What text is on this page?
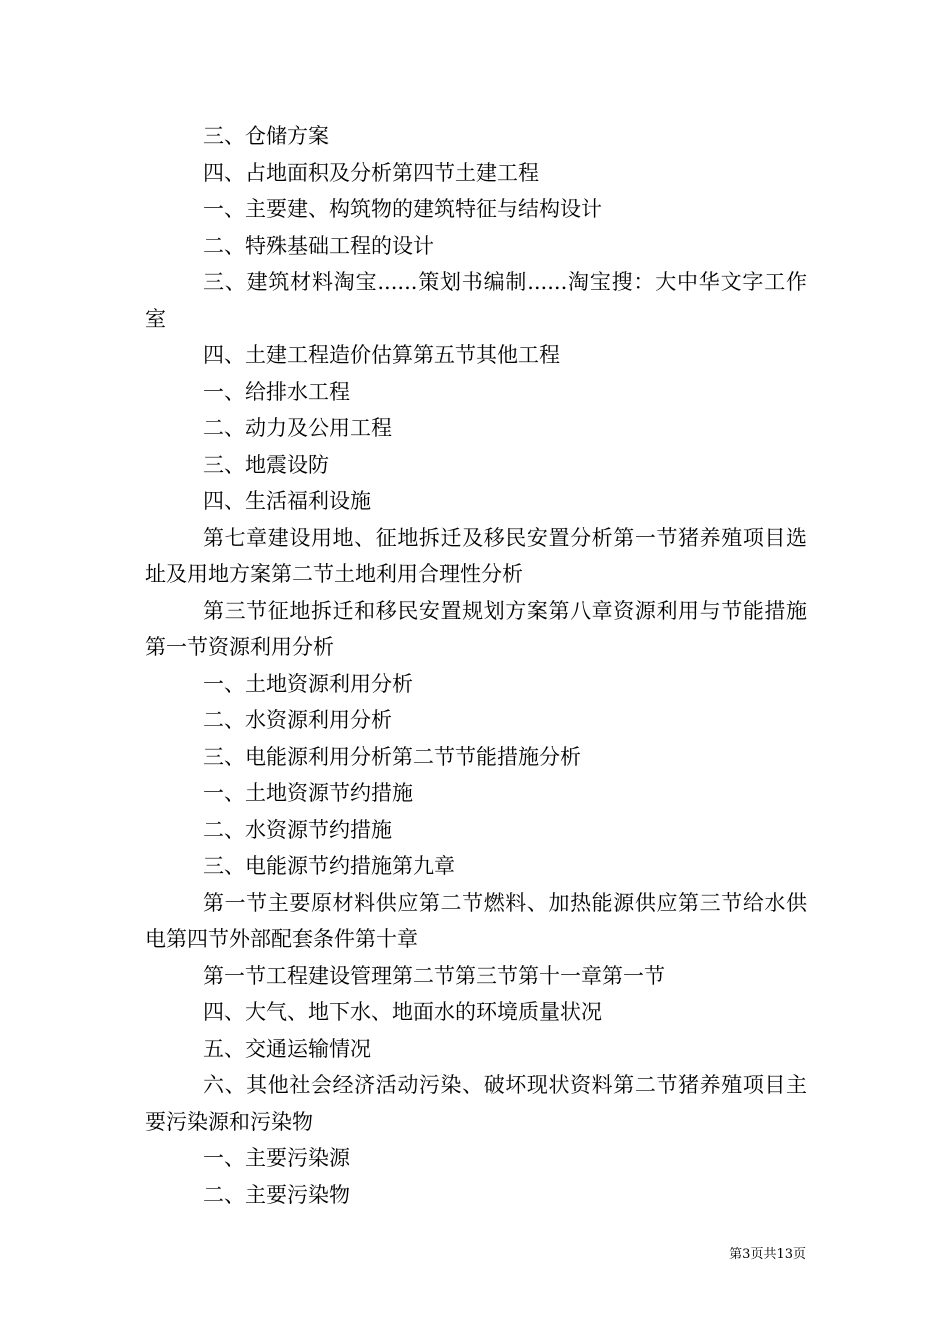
三、仓储方案

四、占地面积及分析第四节土建工程

一、主要建、构筑物的建筑特征与结构设计

二、特殊基础工程的设计

三、建筑材料淘宝......策划书编制......淘宝搜：大中华文字工作室

四、土建工程造价估算第五节其他工程

一、给排水工程

二、动力及公用工程

三、地震设防

四、生活福利设施

第七章建设用地、征地拆迁及移民安置分析第一节猪养殖项目选址及用地方案第二节土地利用合理性分析

第三节征地拆迁和移民安置规划方案第八章资源利用与节能措施第一节资源利用分析

一、土地资源利用分析

二、水资源利用分析

三、电能源利用分析第二节节能措施分析

一、土地资源节约措施

二、水资源节约措施

三、电能源节约措施第九章

第一节主要原材料供应第二节燃料、加热能源供应第三节给水供电第四节外部配套条件第十章

第一节工程建设管理第二节第三节第十一章第一节

四、大气、地下水、地面水的环境质量状况

五、交通运输情况

六、其他社会经济活动污染、破坏现状资料第二节猪养殖项目主要污染源和污染物

一、主要污染源

二、主要污染物

第3页共13页
